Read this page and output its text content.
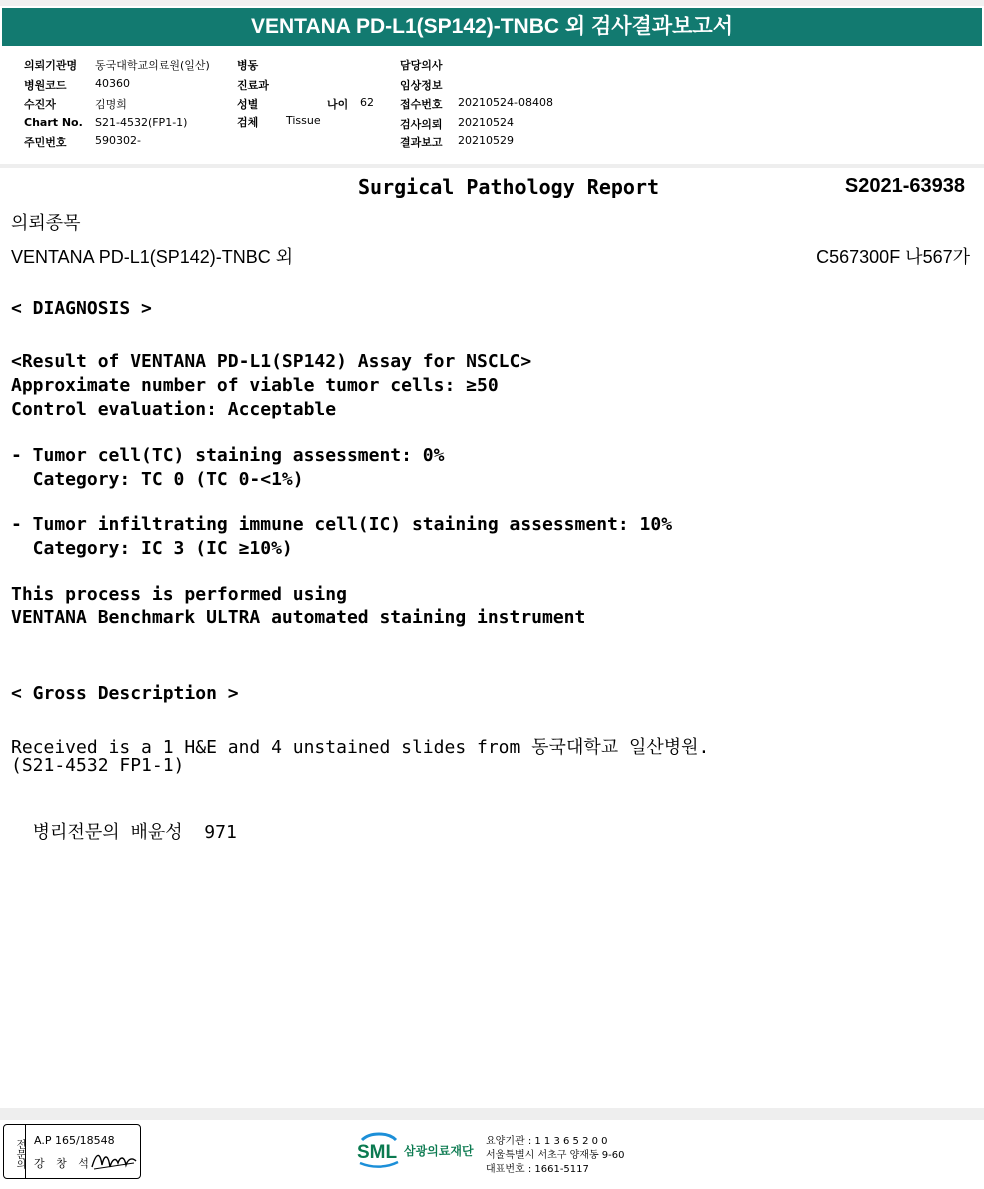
VENTANA PD-L1(SP142)-TNBC 외 검사결과보고서
의뢰기관명 동국대학교의료원(일산)
병원코드	40360
수진자	김명희
Chart No. S21-4532(FP1-1)
주민번호	590302-
병동
진료과
성별	나이 62
검체	Tissue
담당의사
임상정보
접수번호 20210524-08408
검사의뢰 20210524
결과보고 20210529
Surgical Pathology Report	S2021-63938
의뢰종목
VENTANA PD-L1(SP142)-TNBC 외	C567300F 나567가
< DIAGNOSIS >
<Result of VENTANA PD-L1(SP142) Assay for NSCLC>
Approximate number of viable tumor cells: ≥50
Control evaluation: Acceptable
- Tumor cell(TC) staining assessment: 0%
Category: TC 0 (TC 0-<1%)
- Tumor infiltrating immune cell(IC) staining assessment: 10%
Category: IC 3 (IC ≥10%)
This process is performed using
VENTANA Benchmark ULTRA automated staining instrument
< Gross Description >
Received is a 1 H&E and 4 unstained slides from 동국대학교 일산병원.
(S21-4532 FP1-1)
병리전문의 배윤성  971
전문의 A.P 165/18548
강 창 석
SML 삼광의료재단
요양기관 : 1 1 3 6 5 2 0 0
서울특별시 서초구 양재동 9-60
대표번호 : 1661-5117
